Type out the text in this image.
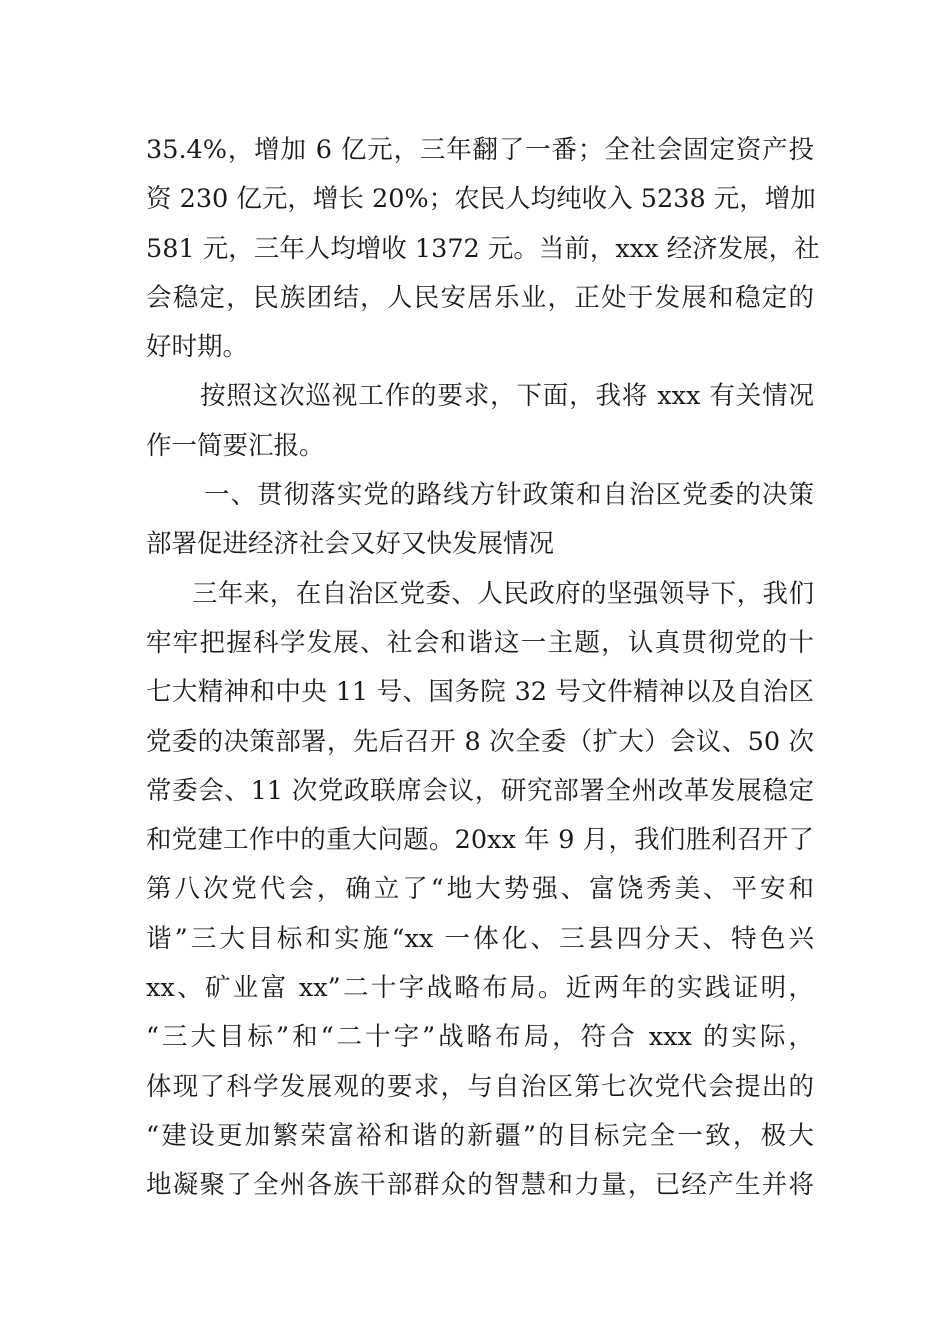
35.4%，增加 6 亿元，三年翻了一番；全社会固定资产投
资 230 亿元，增长 20%；农民人均纯收入 5238 元，增加
581 元，三年人均增收 1372 元。当前，xxx 经济发展，社
会稳定，民族团结，人民安居乐业，正处于发展和稳定的
好时期。
按照这次巡视工作的要求，下面，我将 xxx 有关情况
作一简要汇报。
一、贯彻落实党的路线方针政策和自治区党委的决策
部署促进经济社会又好又快发展情况
三年来，在自治区党委、人民政府的坚强领导下，我们
牢牢把握科学发展、社会和谐这一主题，认真贯彻党的十
七大精神和中央 11 号、国务院 32 号文件精神以及自治区
党委的决策部署，先后召开 8 次全委（扩大）会议、50 次
常委会、11 次党政联席会议，研究部署全州改革发展稳定
和党建工作中的重大问题。20xx 年 9 月，我们胜利召开了
第八次党代会，确立了“地大势强、富饶秀美、平安和
谐”三大目标和实施“xx 一体化、三县四分天、特色兴
xx、矿业富 xx”二十字战略布局。近两年的实践证明，
“三大目标”和“二十字”战略布局，符合 xxx 的实际，
体现了科学发展观的要求，与自治区第七次党代会提出的
“建设更加繁荣富裕和谐的新疆”的目标完全一致，极大
地凝聚了全州各族干部群众的智慧和力量，已经产生并将
